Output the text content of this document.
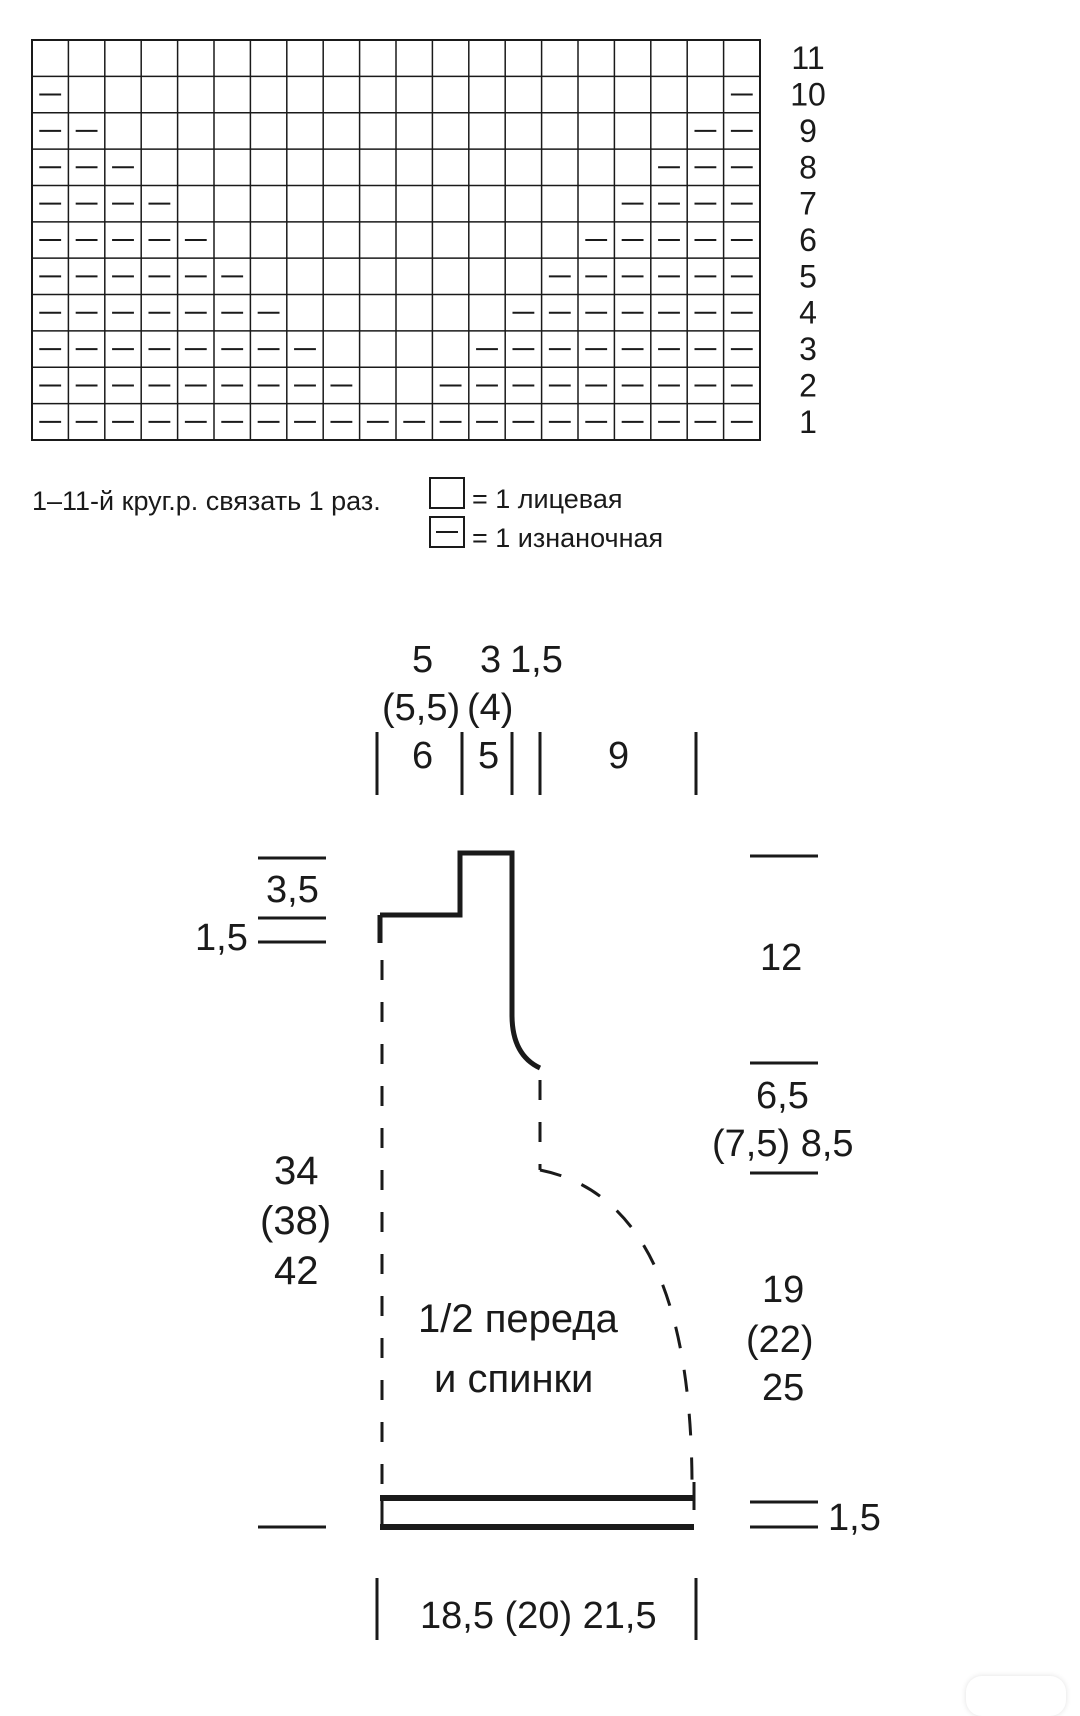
11
10
9
8
7
6
5
4
3
2
1
1–11-й круг.р. связать 1 раз.	= 1 лицевая
= 1 изнаночная
5 3 1,5
(5,5) (4)
6 5	9
3,5
1,5
34
(38)
42
1/2 переда
и спинки
12
6,5
(7,5) 8,5
19
(22)
25
1,5
18,5 (20) 21,5
